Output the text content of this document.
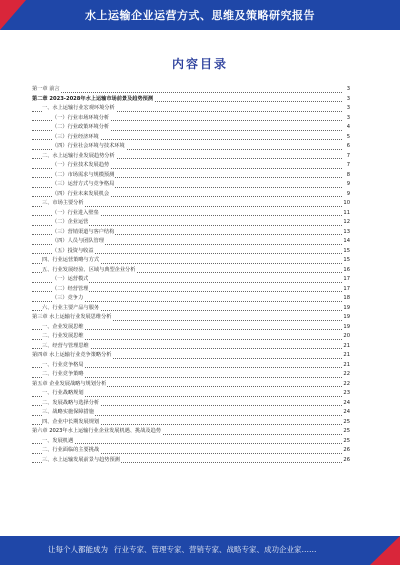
水上运输企业运营方式、思维及策略研究报告
内容目录
第一章 前言	3
第二章 2023-2028年水上运输市场前景及趋势预测	3
一、水上运输行业宏观环境分析	3
（一）行业市场环境分析	3
（二）行业政策环境分析	4
（三）行业经济环境	5
（四）行业社会环境与技术环境	6
二、水上运输行业发展趋势分析	7
（一）行业技术发展趋势	7
（二）市场需求与规模预测	8
（三）运营方式与竞争格局	9
（四）行业未来发展机会	9
三、市场主要分析	10
（一）行业进入壁垒	11
（二）企业运营	12
（三）营销渠道与客户结构	13
（四）人员与团队管理	14
（五）投资与收益	15
四、行业运营策略与方式	15
五、行业发展经验、区域与典型企业分析	16
（一）运营模式	17
（二）经营管理	17
（三）竞争力	18
六、行业主要产品与服务	19
第三章 水上运输行业发展思维分析	19
一、企业发展思维	19
二、行业发展思维	20
三、经营与管理思维	21
第四章 水上运输行业竞争策略分析	21
一、行业竞争格局	21
二、行业竞争策略	22
第五章 企业发展战略与规划分析	22
一、行业战略规划	23
二、发展战略与选择分析	24
三、战略实施保障措施	24
四、企业中长期发展规划	25
第六章 2023年水上运输行业企业发展机遇、挑战及趋势	25
一、发展机遇	25
二、行业面临的主要挑战	26
三、水上运输发展前景与趋势预测	26
让每个人都能成为 行业专家、管理专家、营销专家、战略专家、成功企业家……
